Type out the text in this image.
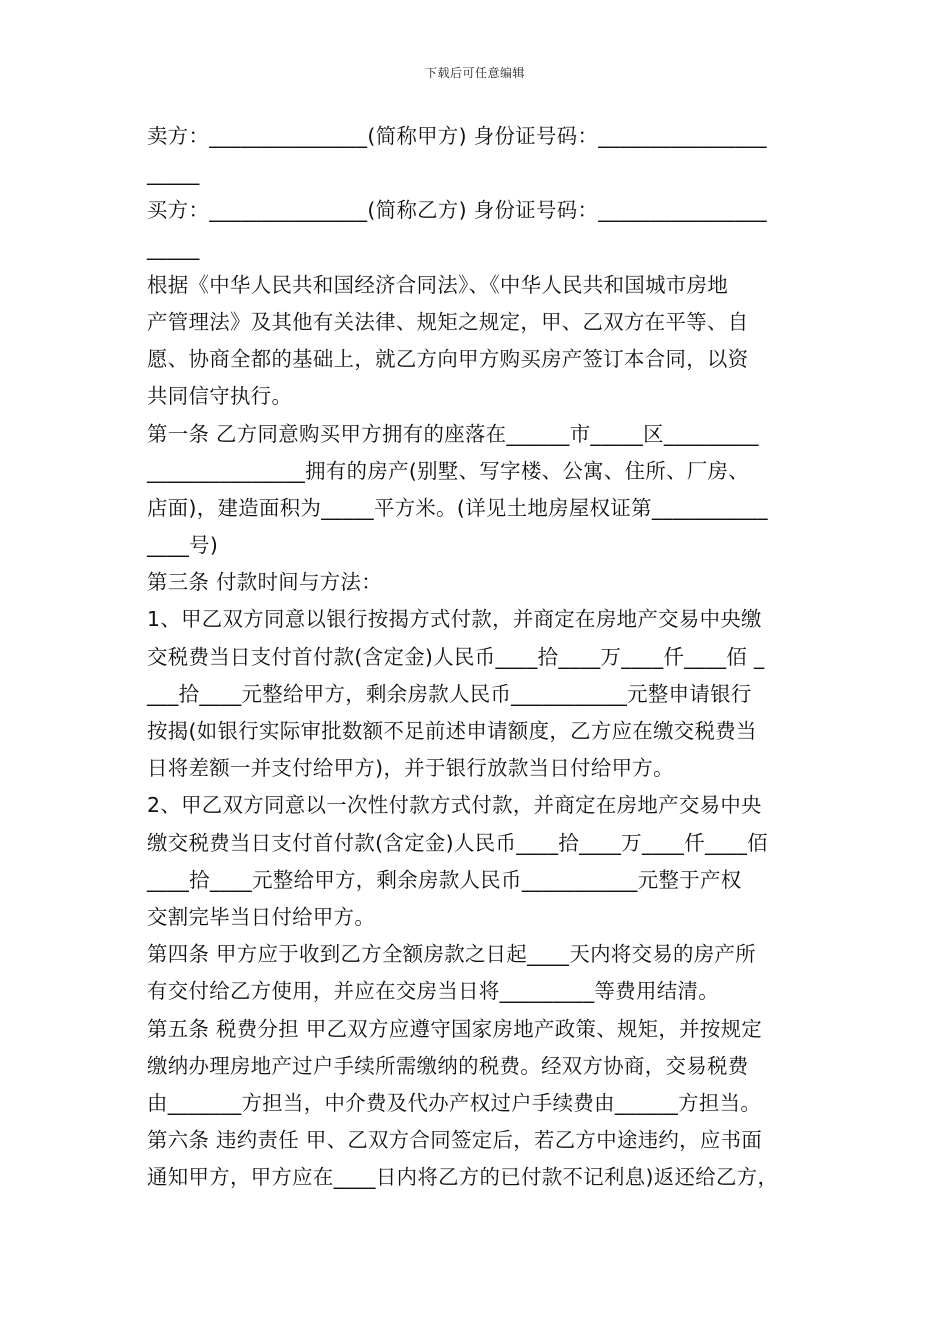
下载后可任意编辑
卖方：_______________(简称甲方) 身份证号码：________________
_____
买方：_______________(简称乙方) 身份证号码：________________
_____
根据《中华人民共和国经济合同法》、《中华人民共和国城市房地
产管理法》及其他有关法律、规矩之规定，甲、乙双方在平等、自
愿、协商全都的基础上，就乙方向甲方购买房产签订本合同，以资
共同信守执行。
第一条 乙方同意购买甲方拥有的座落在______市_____区_________
_______________拥有的房产(别墅、写字楼、公寓、住所、厂房、
店面)，建造面积为_____平方米。(详见土地房屋权证第___________
____号)
第三条 付款时间与方法：
1、甲乙双方同意以银行按揭方式付款，并商定在房地产交易中央缴
交税费当日支付首付款(含定金)人民币____拾____万____仟____佰 _
___拾____元整给甲方，剩余房款人民币___________元整申请银行
按揭(如银行实际审批数额不足前述申请额度，乙方应在缴交税费当
日将差额一并支付给甲方)，并于银行放款当日付给甲方。
2、甲乙双方同意以一次性付款方式付款，并商定在房地产交易中央
缴交税费当日支付首付款(含定金)人民币____拾____万____仟____佰
____拾____元整给甲方，剩余房款人民币___________元整于产权
交割完毕当日付给甲方。
第四条 甲方应于收到乙方全额房款之日起____天内将交易的房产所
有交付给乙方使用，并应在交房当日将_________等费用结清。
第五条 税费分担 甲乙双方应遵守国家房地产政策、规矩，并按规定
缴纳办理房地产过户手续所需缴纳的税费。经双方协商，交易税费
由_______方担当，中介费及代办产权过户手续费由______方担当。
第六条 违约责任 甲、乙双方合同签定后，若乙方中途违约，应书面
通知甲方，甲方应在____日内将乙方的已付款不记利息)返还给乙方，
